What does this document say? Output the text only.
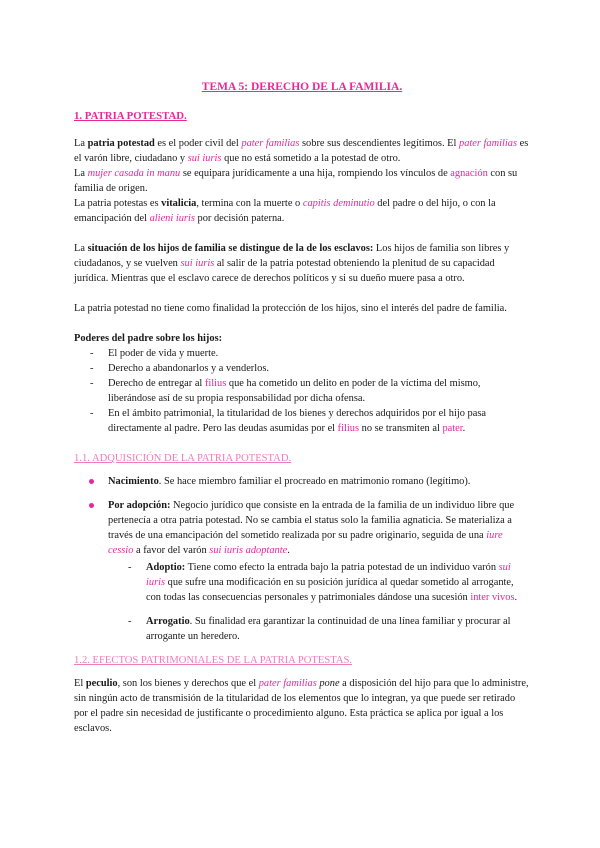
TEMA 5: DERECHO DE LA FAMILIA.
1. PATRIA POTESTAD.

La patria potestad es el poder civil del pater familias sobre sus descendientes legítimos. El pater familias es el varón libre, ciudadano y sui iuris que no está sometido a la potestad de otro.

La mujer casada in manu se equipara jurídicamente a una hija, rompiendo los vínculos de agnación con su familia de origen.

La patria potestas es vitalicia, termina con la muerte o capitis deminutio del padre o del hijo, o con la emancipación del alieni iuris por decisión paterna.

La situación de los hijos de familia se distingue de la de los esclavos: Los hijos de familia son libres y ciudadanos, y se vuelven sui iuris al salir de la patria potestad obteniendo la plenitud de su capacidad jurídica. Mientras que el esclavo carece de derechos políticos y si su dueño muere pasa a otro.

La patria potestad no tiene como finalidad la protección de los hijos, sino el interés del padre de familia.

Poderes del padre sobre los hijos:

- El poder de vida y muerte.
- Derecho a abandonarlos y a venderlos.
- Derecho de entregar al filius que ha cometido un delito en poder de la víctima del mismo, liberándose así de su propia responsabilidad por dicha ofensa.
- En el ámbito patrimonial, la titularidad de los bienes y derechos adquiridos por el hijo pasa directamente al padre. Pero las deudas asumidas por el filius no se transmiten al pater.
1.1. ADQUISICIÓN DE LA PATRIA POTESTAD.
Nacimiento. Se hace miembro familiar el procreado en matrimonio romano (legítimo).
Por adopción: Negocio jurídico que consiste en la entrada de la familia de un individuo libre que pertenecía a otra patria potestad. No se cambia el status solo la familia agnaticia. Se materializa a través de una emancipación del sometido realizada por su padre originario, seguida de una iure cessio a favor del varón sui iuris adoptante.
- Adoptio: Tiene como efecto la entrada bajo la patria potestad de un individuo varón sui iuris que sufre una modificación en su posición jurídica al quedar sometido al arrogante, con todas las consecuencias personales y patrimoniales dándose una sucesión inter vivos.
- Arrogatio. Su finalidad era garantizar la continuidad de una línea familiar y procurar al arrogante un heredero.
1.2. EFECTOS PATRIMONIALES DE LA PATRIA POTESTAS.

El peculio, son los bienes y derechos que el pater familias pone a disposición del hijo para que lo administre, sin ningún acto de transmisión de la titularidad de los elementos que lo integran, ya que puede ser retirado por el padre sin necesidad de justificante o procedimiento alguno. Esta práctica se aplica por igual a los esclavos.
